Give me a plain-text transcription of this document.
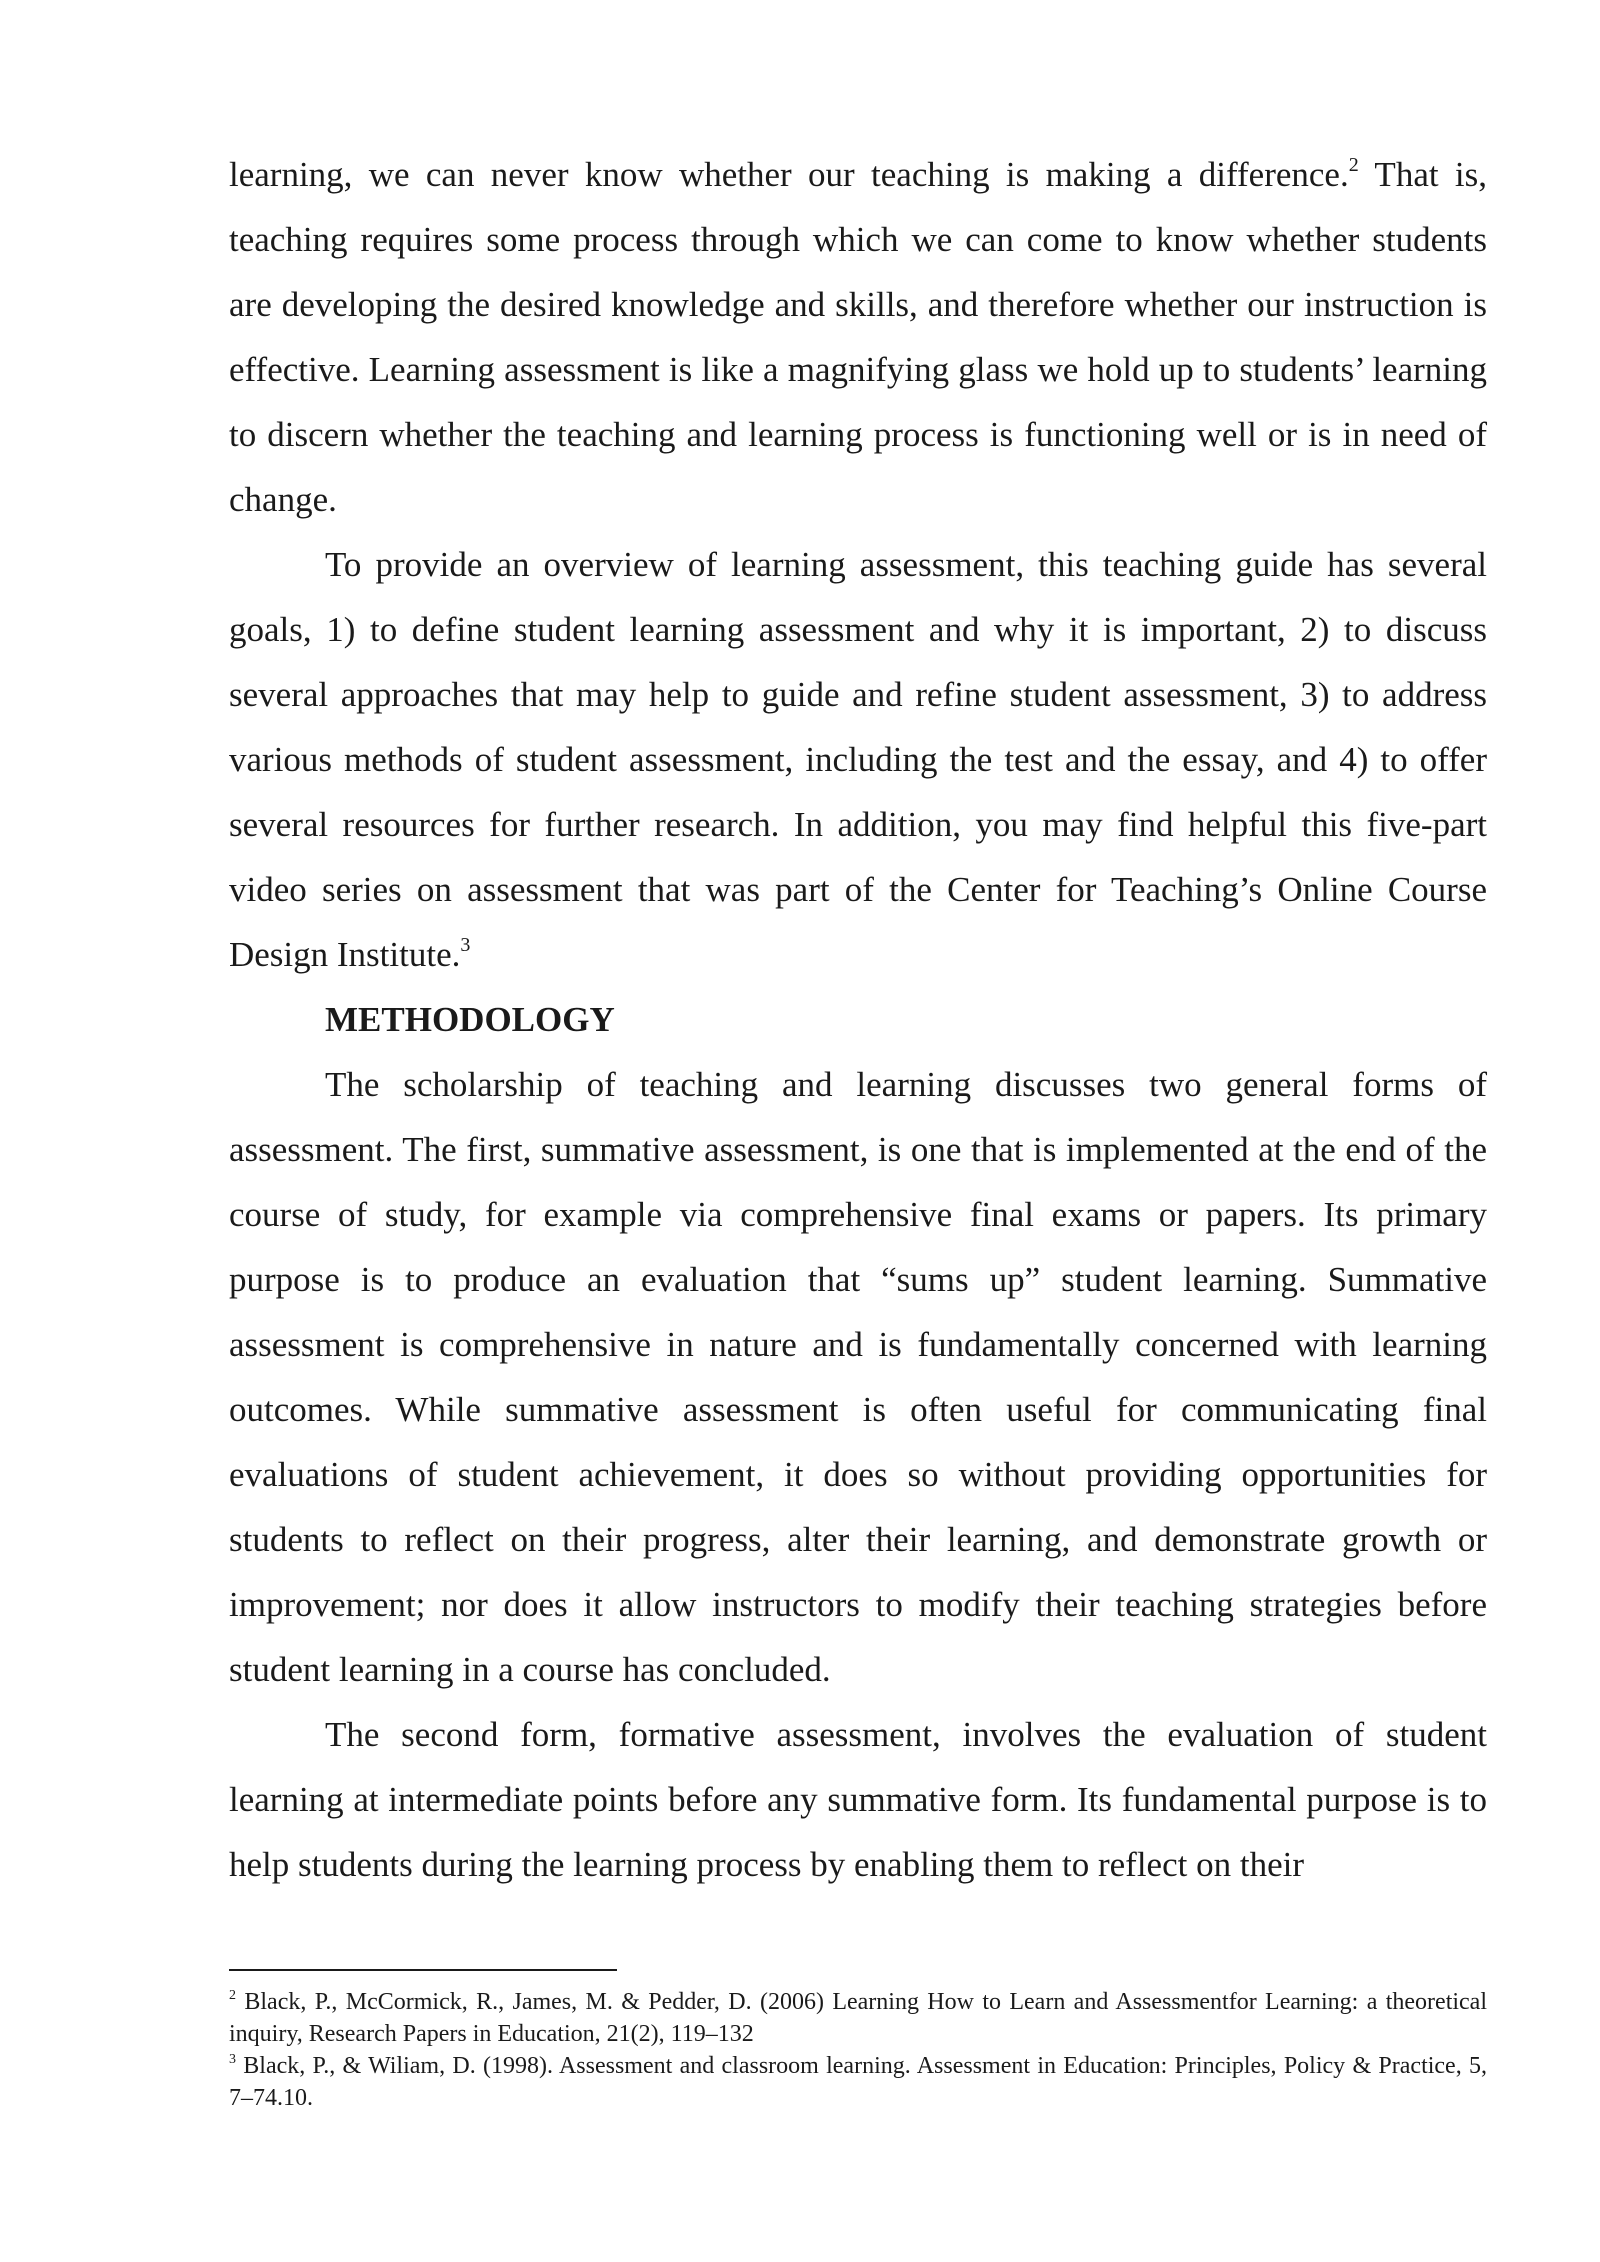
learning, we can never know whether our teaching is making a difference.$^2$ That is, teaching requires some process through which we can come to know whether students are developing the desired knowledge and skills, and therefore whether our instruction is effective. Learning assessment is like a magnifying glass we hold up to students’ learning to discern whether the teaching and learning process is functioning well or is in need of change.

To provide an overview of learning assessment, this teaching guide has several goals, 1) to define student learning assessment and why it is important, 2) to discuss several approaches that may help to guide and refine student assessment, 3) to address various methods of student assessment, including the test and the essay, and 4) to offer several resources for further research. In addition, you may find helpful this five-part video series on assessment that was part of the Center for Teaching’s Online Course Design Institute.$^3$

METHODOLOGY

The scholarship of teaching and learning discusses two general forms of assessment. The first, summative assessment, is one that is implemented at the end of the course of study, for example via comprehensive final exams or papers. Its primary purpose is to produce an evaluation that “sums up” student learning. Summative assessment is comprehensive in nature and is fundamentally concerned with learning outcomes. While summative assessment is often useful for communicating final evaluations of student achievement, it does so without providing opportunities for students to reflect on their progress, alter their learning, and demonstrate growth or improvement; nor does it allow instructors to modify their teaching strategies before student learning in a course has concluded.

The second form, formative assessment, involves the evaluation of student learning at intermediate points before any summative form. Its fundamental purpose is to help students during the learning process by enabling them to reflect on their

$^2$ Black, P., McCormick, R., James, M. & Pedder, D. (2006) Learning How to Learn and Assessmentfor Learning: a theoretical inquiry, Research Papers in Education, 21(2), 119–132

$^3$ Black, P., & Wiliam, D. (1998). Assessment and classroom learning. Assessment in Education: Principles, Policy & Practice, 5, 7–74.10.
